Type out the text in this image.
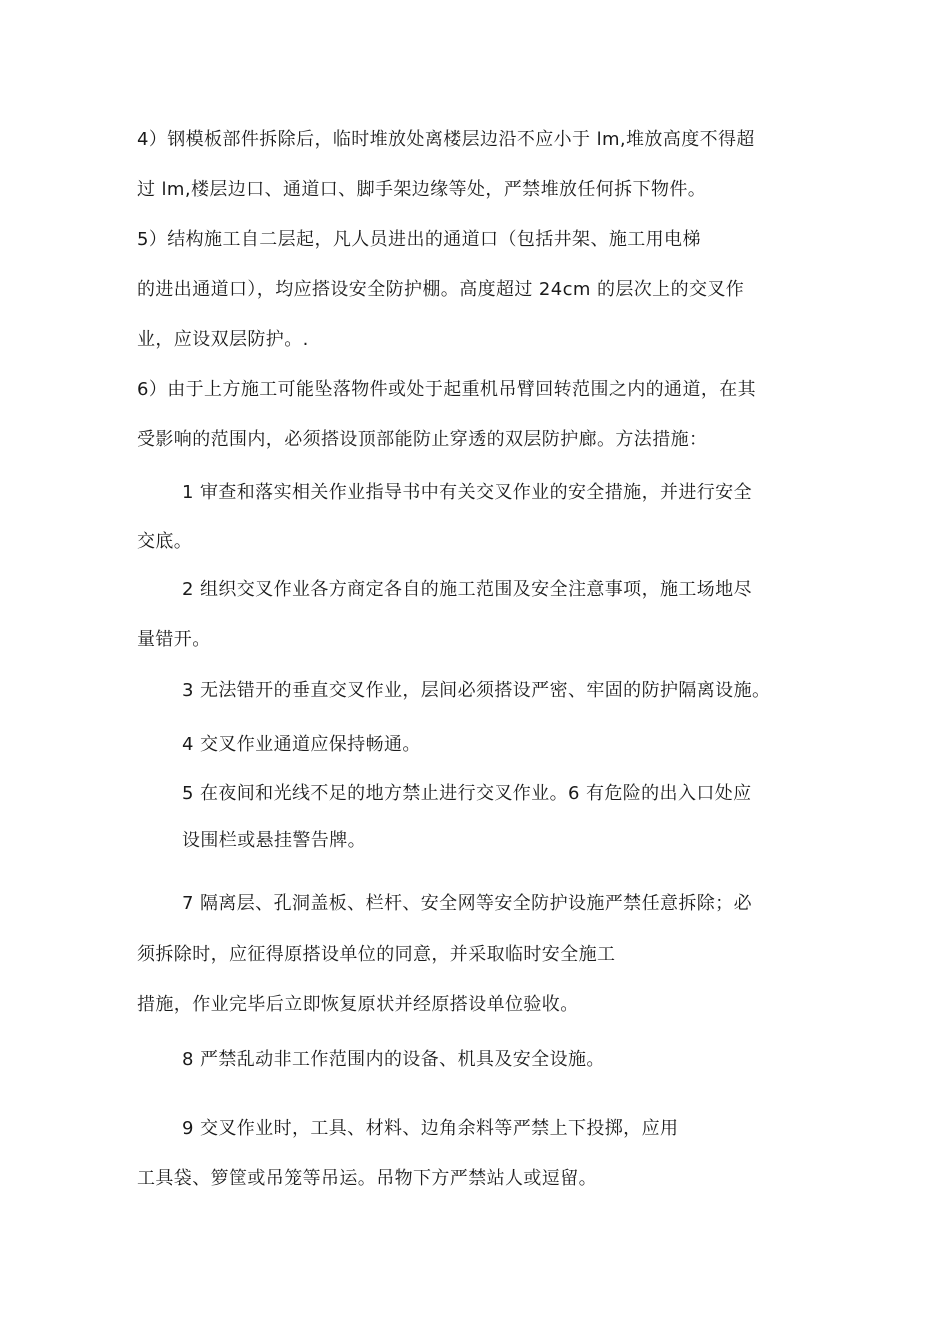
4）钢模板部件拆除后，临时堆放处离楼层边沿不应小于 lm,堆放高度不得超
过 lm,楼层边口、通道口、脚手架边缘等处，严禁堆放任何拆下物件。
5）结构施工自二层起，凡人员进出的通道口（包括井架、施工用电梯
的进出通道口），均应搭设安全防护棚。高度超过 24cm 的层次上的交叉作
业，应设双层防护。.
6）由于上方施工可能坠落物件或处于起重机吊臂回转范围之内的通道，在其
受影响的范围内，必须搭设顶部能防止穿透的双层防护廊。方法措施：
1 审查和落实相关作业指导书中有关交叉作业的安全措施，并进行安全
交底。
2 组织交叉作业各方商定各自的施工范围及安全注意事项，施工场地尽
量错开。
3 无法错开的垂直交叉作业，层间必须搭设严密、牢固的防护隔离设施。
4 交叉作业通道应保持畅通。
5 在夜间和光线不足的地方禁止进行交叉作业。6 有危险的出入口处应
设围栏或悬挂警告牌。
7 隔离层、孔洞盖板、栏杆、安全网等安全防护设施严禁任意拆除；必
须拆除时，应征得原搭设单位的同意，并采取临时安全施工
措施，作业完毕后立即恢复原状并经原搭设单位验收。
8 严禁乱动非工作范围内的设备、机具及安全设施。
9 交叉作业时，工具、材料、边角余料等严禁上下投掷，应用
工具袋、箩筐或吊笼等吊运。吊物下方严禁站人或逗留。
